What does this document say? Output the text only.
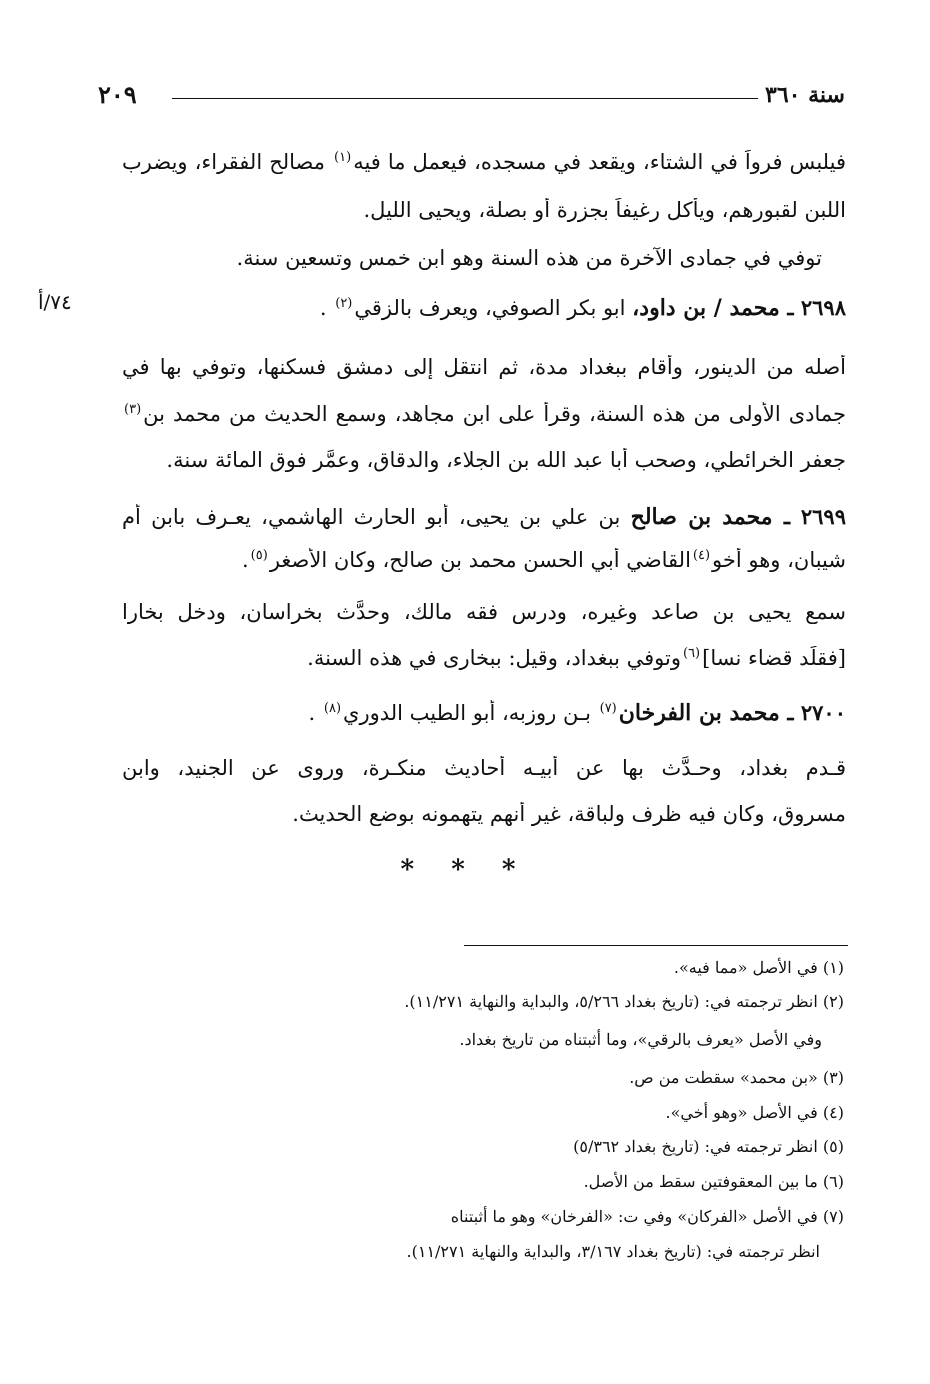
سنة ٣٦٠
٢٠٩
٧٤/أ
فيلبس فرواً في الشتاء، ويقعد في مسجده، فيعمل ما فيه$^{(١)}$ مصالح الفقراء، ويضرب
اللبن لقبورهم، ويأكل رغيفاً بجزرة أو بصلة، ويحيى الليل.
توفي في جمادى الآخرة من هذه السنة وهو ابن خمس وتسعين سنة.
٢٦٩٨ ـ محمد / بن داود، ابو بكر الصوفي، ويعرف بالزقي$^{(٢)}$ .
أصله من الدينور، وأقام ببغداد مدة، ثم انتقل إلى دمشق فسكنها، وتوفي بها في
جمادى الأولى من هذه السنة، وقرأ على ابن مجاهد، وسمع الحديث من محمد بن$^{(٣)}$
جعفر الخرائطي، وصحب أبا عبد الله بن الجلاء، والدقاق، وعمَّر فوق المائة سنة.
٢٦٩٩ ـ محمد بن صالح بن علي بن يحيى، أبو الحارث الهاشمي، يعـرف بابن أم
شيبان، وهو أخو$^{(٤)}$القاضي أبي الحسن محمد بن صالح، وكان الأصغر$^{(٥)}$.
سمع يحيى بن صاعد وغيره، ودرس فقه مالك، وحدَّث بخراسان، ودخل بخارا
[فقلِّد قضاء نسا]$^{(٦)}$وتوفي ببغداد، وقيل: ببخارى في هذه السنة.
٢٧٠٠ ـ محمد بن الفرخان$^{(٧)}$ بـن روزبه، أبو الطيب الدوري$^{(٨)}$ .
قـدم بغداد، وحـدَّث بها عن أبيـه أحاديث منكـرة، وروى عن الجنيد، وابن
مسروق، وكان فيه ظرف ولباقة، غير أنهم يتهمونه بوضع الحديث.
* * *
(١) في الأصل «مما فيه».
(٢) انظر ترجمته في: (تاريخ بغداد ٥/٢٦٦، والبداية والنهاية ١١/٢٧١).
وفي الأصل «يعرف بالرقي»، وما أثبتناه من تاريخ بغداد.
(٣) «بن محمد» سقطت من ص.
(٤) في الأصل «وهو أخي».
(٥) انظر ترجمته في: (تاريخ بغداد ٥/٣٦٢)
(٦) ما بين المعقوفتين سقط من الأصل.
(٧) في الأصل «الفركان» وفي ت: «الفرخان» وهو ما أثبتناه
انظر ترجمته في: (تاريخ بغداد ٣/١٦٧، والبداية والنهاية ١١/٢٧١).
